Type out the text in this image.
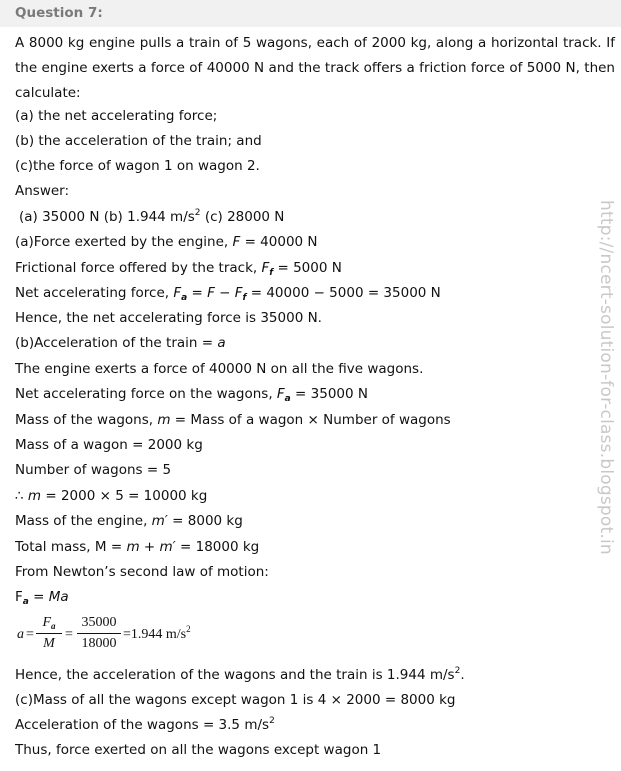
Question 7:
A 8000 kg engine pulls a train of 5 wagons, each of 2000 kg, along a horizontal track. If the engine exerts a force of 40000 N and the track offers a friction force of 5000 N, then calculate:
(a) the net accelerating force;
(b) the acceleration of the train; and
(c)the force of wagon 1 on wagon 2.
Answer:
(a) 35000 N (b) 1.944 $m/s^2$ (c) 28000 N
(a)Force exerted by the engine, F = 40000 N
Frictional force offered by the track, $F_f = 5000$ N
Net accelerating force, $F_a = F - F_f = 40000 - 5000 = 35000$ N
Hence, the net accelerating force is 35000 N.
(b)Acceleration of the train = a
The engine exerts a force of 40000 N on all the five wagons.
Net accelerating force on the wagons, $F_a = 35000$ N
Mass of the wagons, m = Mass of a wagon × Number of wagons
Mass of a wagon = 2000 kg
Number of wagons = 5
∴ m = 2000 × 5 = 10000 kg
Mass of the engine, m′ = 8000 kg
Total mass, M = m + m′ = 18000 kg
From Newton’s second law of motion:
$F_a = Ma$
a =
$F_a$
M
=
35000
18000
=1.944 $m/s^2$
Hence, the acceleration of the wagons and the train is 1.944 $m/s^2$.
(c)Mass of all the wagons except wagon 1 is 4 × 2000 = 8000 kg
Acceleration of the wagons = 3.5 $m/s^2$
Thus, force exerted on all the wagons except wagon 1
http://ncert-solution-for-class.blogspot.in
